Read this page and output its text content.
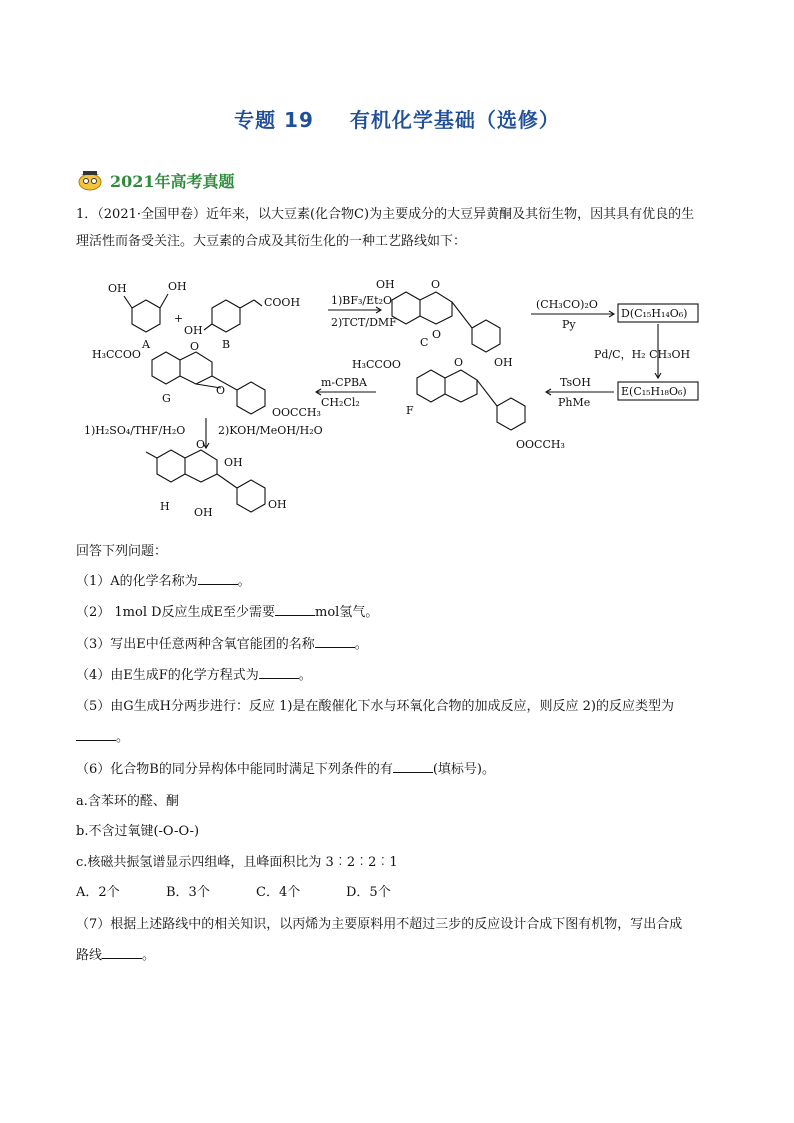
专题 19 有机化学基础（选修）
2021年高考真题
1．（2021·全国甲卷）近年来，以大豆素(化合物C)为主要成分的大豆异黄酮及其衍生物，因其具有优良的生
理活性而备受关注。大豆素的合成及其衍生化的一种工艺路线如下：
OH	OH
A
+
OH
COOH
B
1)BF₃/Et₂O
2)TCT/DMF
OH	O
O
C
OH
(CH₃CO)₂O
Py
D(C₁₅H₁₄O₆)
Pd/C，H₂ CH₃OH
E(C₁₅H₁₈O₆)
TsOH
PhMe
H₃CCOO	O
F
OOCCH₃
m-CPBA
CH₂Cl₂
H₃CCOO
O
O
G
OOCCH₃
1)H₂SO₄/THF/H₂O	2)KOH/MeOH/H₂O
O
OH
OH
H	OH
回答下列问题：
（1）A的化学名称为	。
（2） 1mol D反应生成E至少需要	mol氢气。
（3）写出E中任意两种含氧官能团的名称	。
（4）由E生成F的化学方程式为	。
（5）由G生成H分两步进行：反应 1)是在酸催化下水与环氧化合物的加成反应，则反应 2)的反应类型为
。
（6）化合物B的同分异构体中能同时满足下列条件的有	(填标号)。
a.含苯环的醛、酮
b.不含过氧键(-O-O-)
c.核磁共振氢谱显示四组峰，且峰面积比为 3︰2︰2︰1
A．2个	B．3个	C．4个	D．5个
（7）根据上述路线中的相关知识，以丙烯为主要原料用不超过三步的反应设计合成下图有机物，写出合成
路线	。
